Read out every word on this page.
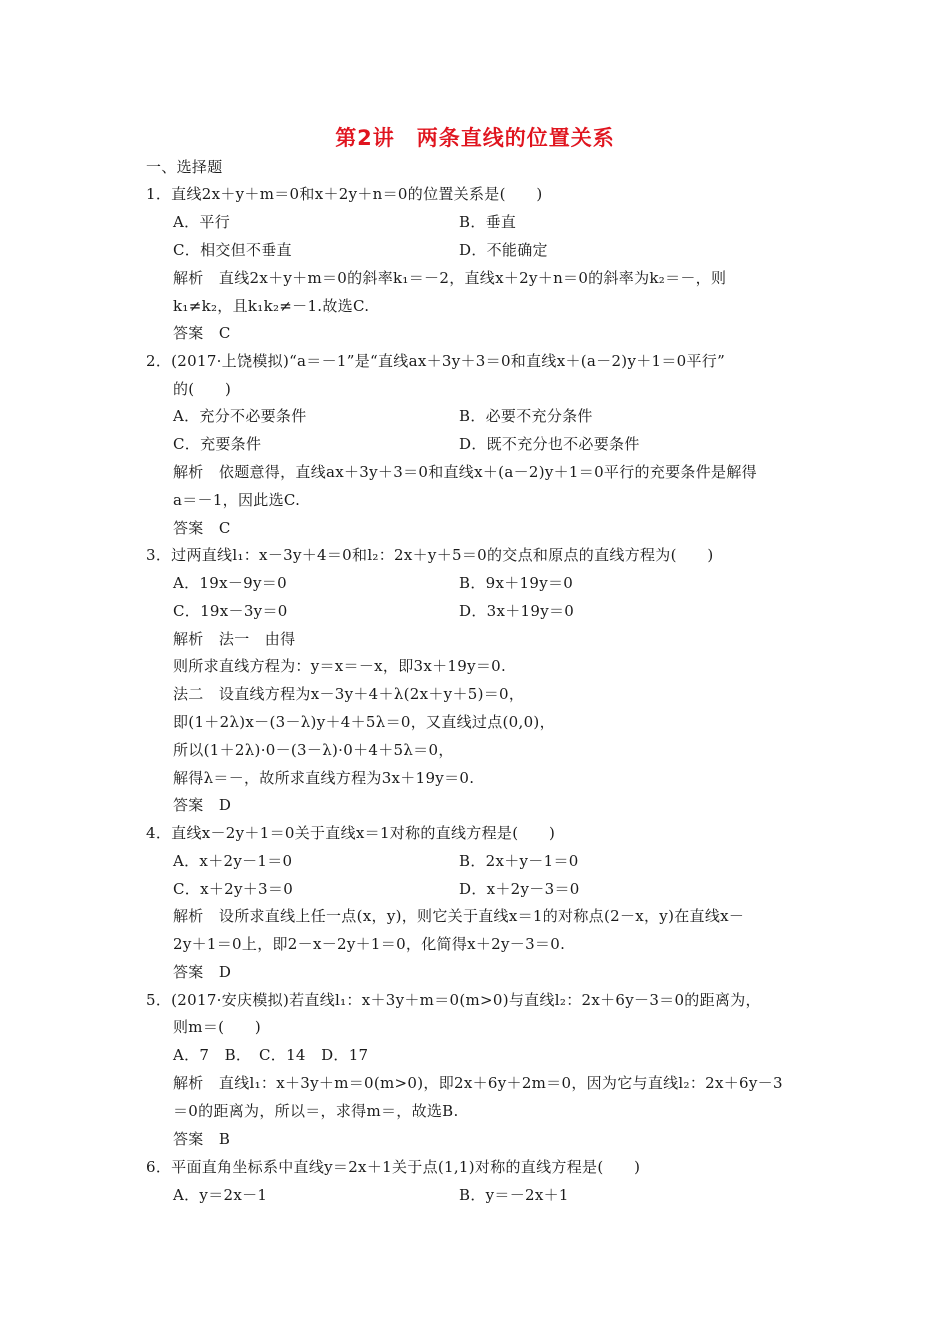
第2讲　两条直线的位置关系
一、选择题
1．直线2x＋y＋m＝0和x＋2y＋n＝0的位置关系是(　　)
A．平行	B．垂直
C．相交但不垂直	D．不能确定
解析　直线2x＋y＋m＝0的斜率k₁＝－2，直线x＋2y＋n＝0的斜率为k₂＝－，则
k₁≠k₂，且k₁k₂≠－1.故选C.
答案　C
2．(2017·上饶模拟)“a＝－1”是“直线ax＋3y＋3＝0和直线x＋(a－2)y＋1＝0平行”
的(　　)
A．充分不必要条件	B．必要不充分条件
C．充要条件	D．既不充分也不必要条件
解析　依题意得，直线ax＋3y＋3＝0和直线x＋(a－2)y＋1＝0平行的充要条件是解得
a＝－1，因此选C.
答案　C
3．过两直线l₁：x－3y＋4＝0和l₂：2x＋y＋5＝0的交点和原点的直线方程为(　　)
A．19x－9y＝0	B．9x＋19y＝0
C．19x－3y＝0	D．3x＋19y＝0
解析　法一　由得
则所求直线方程为：y＝x＝－x，即3x＋19y＝0.
法二　设直线方程为x－3y＋4＋λ(2x＋y＋5)＝0，
即(1＋2λ)x－(3－λ)y＋4＋5λ＝0，又直线过点(0,0)，
所以(1＋2λ)·0－(3－λ)·0＋4＋5λ＝0，
解得λ＝－，故所求直线方程为3x＋19y＝0.
答案　D
4．直线x－2y＋1＝0关于直线x＝1对称的直线方程是(　　)
A．x＋2y－1＝0	B．2x＋y－1＝0
C．x＋2y＋3＝0	D．x＋2y－3＝0
解析　设所求直线上任一点(x，y)，则它关于直线x＝1的对称点(2－x，y)在直线x－
2y＋1＝0上，即2－x－2y＋1＝0，化简得x＋2y－3＝0.
答案　D
5．(2017·安庆模拟)若直线l₁：x＋3y＋m＝0(m>0)与直线l₂：2x＋6y－3＝0的距离为，
则m＝(　　)
A．7　B．　C．14　D．17
解析　直线l₁：x＋3y＋m＝0(m>0)，即2x＋6y＋2m＝0，因为它与直线l₂：2x＋6y－3
＝0的距离为，所以＝，求得m＝，故选B.
答案　B
6．平面直角坐标系中直线y＝2x＋1关于点(1,1)对称的直线方程是(　　)
A．y＝2x－1	B．y＝－2x＋1
